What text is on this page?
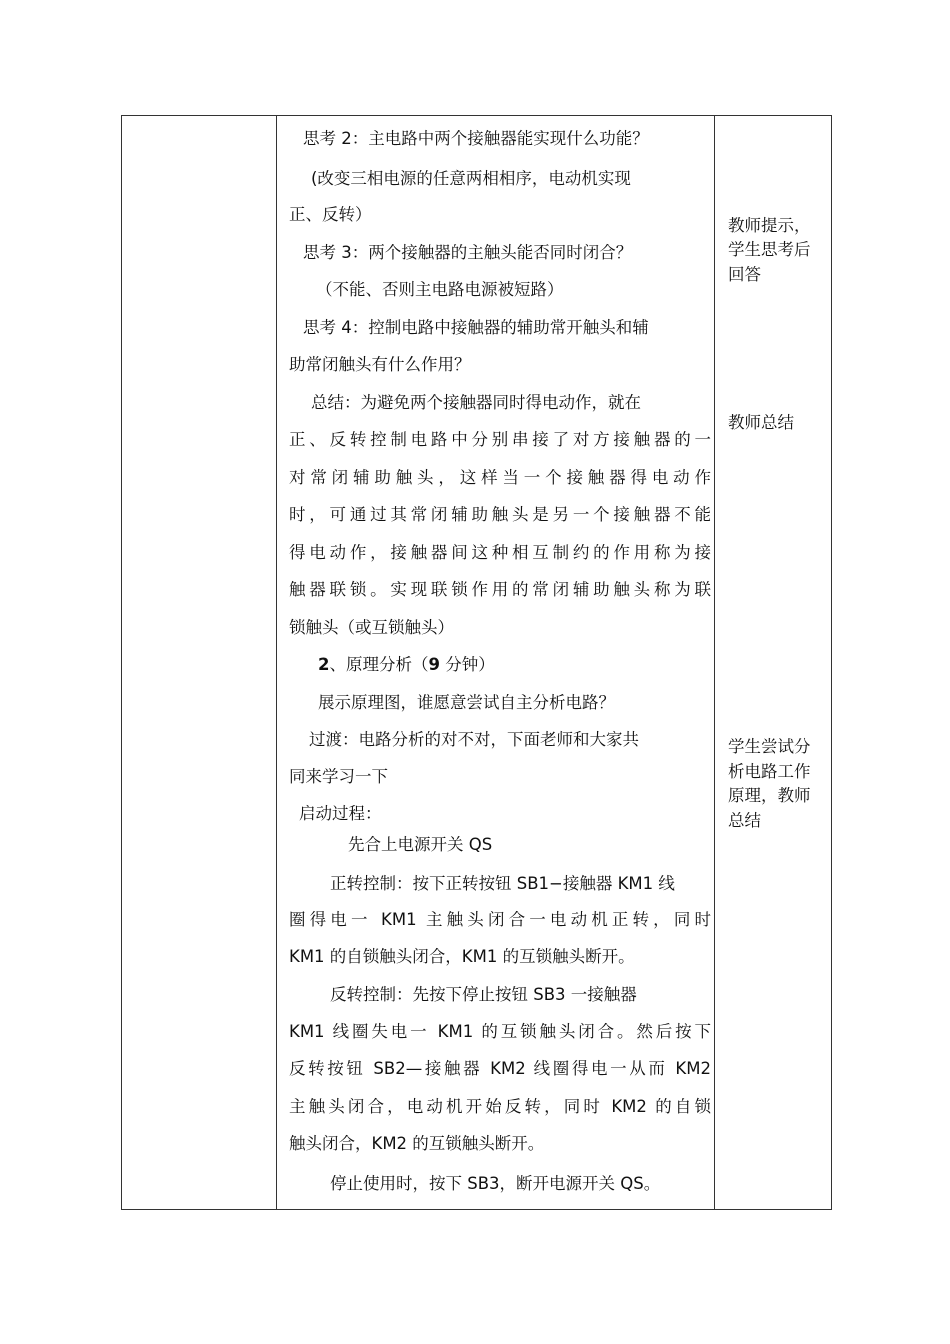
思考 2：主电路中两个接触器能实现什么功能？
(改变三相电源的任意两相相序，电动机实现
正、反转）
思考 3：两个接触器的主触头能否同时闭合？
（不能、否则主电路电源被短路）
思考 4：控制电路中接触器的辅助常开触头和辅
助常闭触头有什么作用？
总结：为避免两个接触器同时得电动作，就在
正、反转控制电路中分别串接了对方接触器的一
对常闭辅助触头，这样当一个接触器得电动作
时，可通过其常闭辅助触头是另一个接触器不能
得电动作，接触器间这种相互制约的作用称为接
触器联锁。实现联锁作用的常闭辅助触头称为联
锁触头（或互锁触头）
2、原理分析（9 分钟）
展示原理图，谁愿意尝试自主分析电路？
过渡：电路分析的对不对，下面老师和大家共
同来学习一下
启动过程：
先合上电源开关 QS
正转控制：按下正转按钮 SB1−接触器 KM1 线
圈得电一 KM1 主触头闭合一电动机正转，同时
KM1 的自锁触头闭合，KM1 的互锁触头断开。
反转控制：先按下停止按钮 SB3 一接触器
KM1 线圈失电一 KM1 的互锁触头闭合。然后按下
反转按钮 SB2—接触器 KM2 线圈得电一从而 KM2
主触头闭合，电动机开始反转，同时 KM2 的自锁
触头闭合，KM2 的互锁触头断开。
停止使用时，按下 SB3，断开电源开关 QS。
教师提示，
学生思考后
回答
教师总结
学生尝试分
析电路工作
原理，教师
总结
